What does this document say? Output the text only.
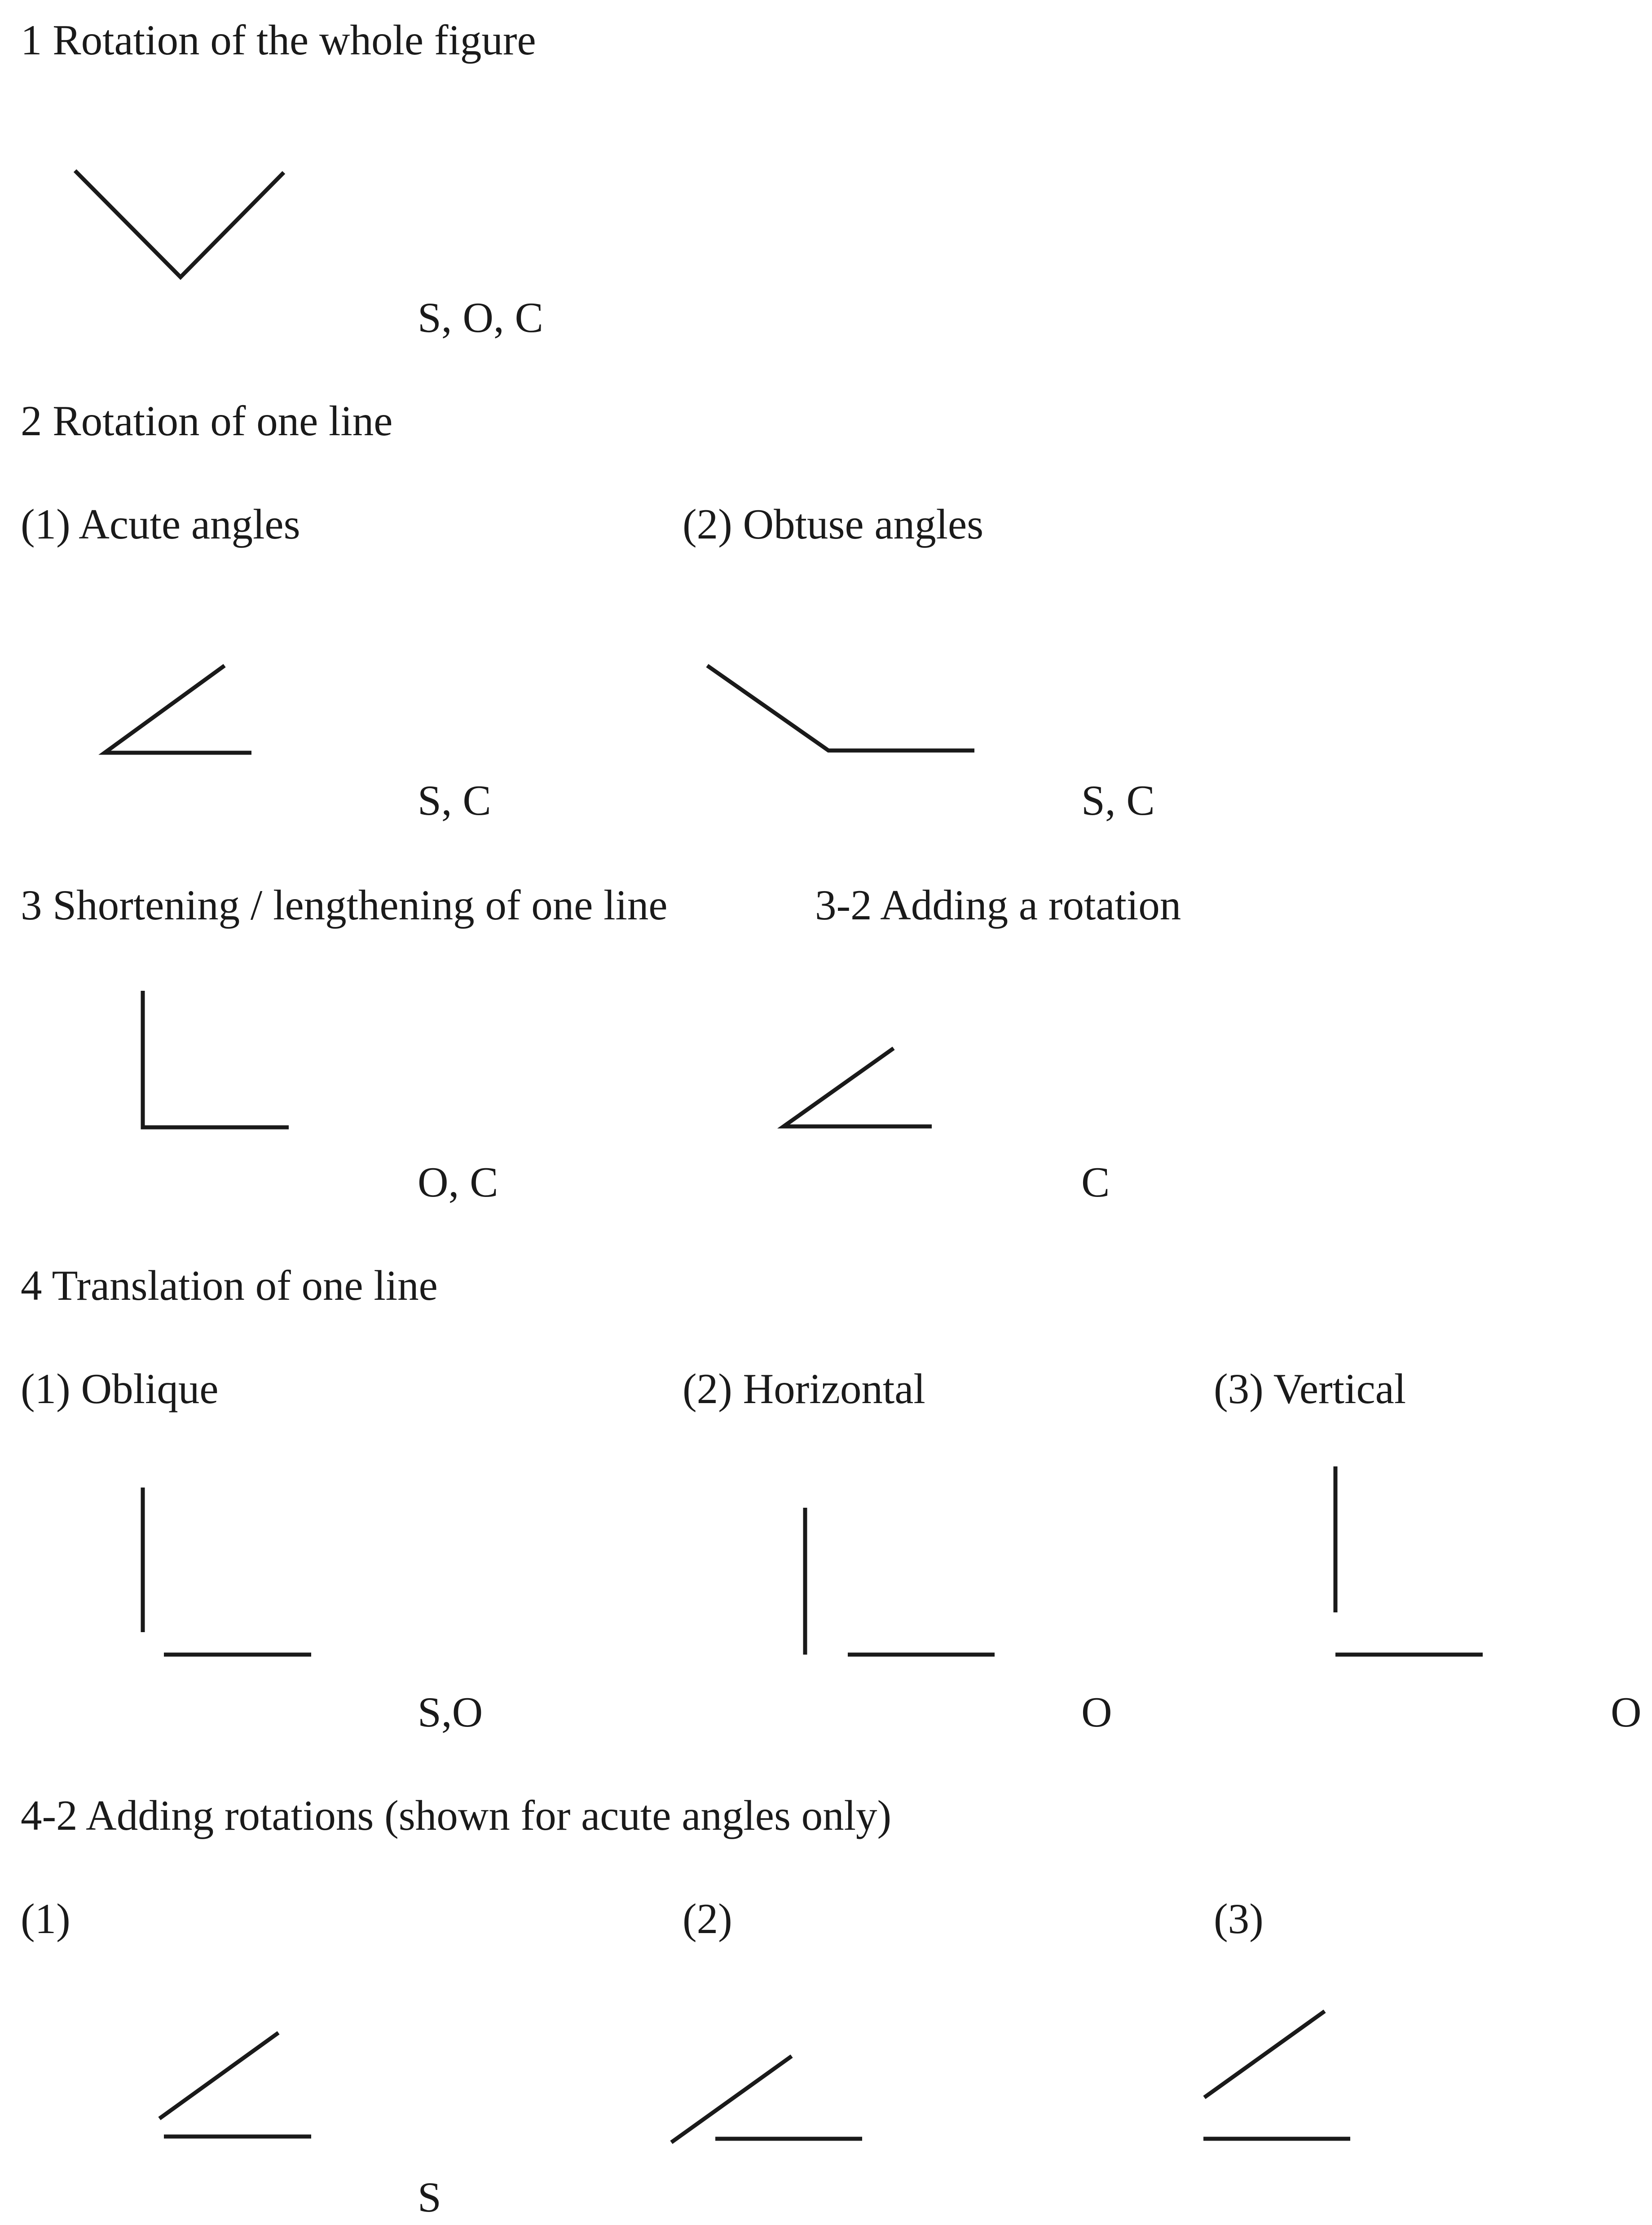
1 Rotation of the whole figure
S, O, C
2 Rotation of one line
(1) Acute angles	(2) Obtuse angles
S, C	S, C
3 Shortening / lengthening of one line	3-2 Adding a rotation
O, C	C
4 Translation of one line
(1) Oblique	(2) Horizontal	(3) Vertical
S,O	O	O
4-2 Adding rotations (shown for acute angles only)
(1)	(2)	(3)
S
